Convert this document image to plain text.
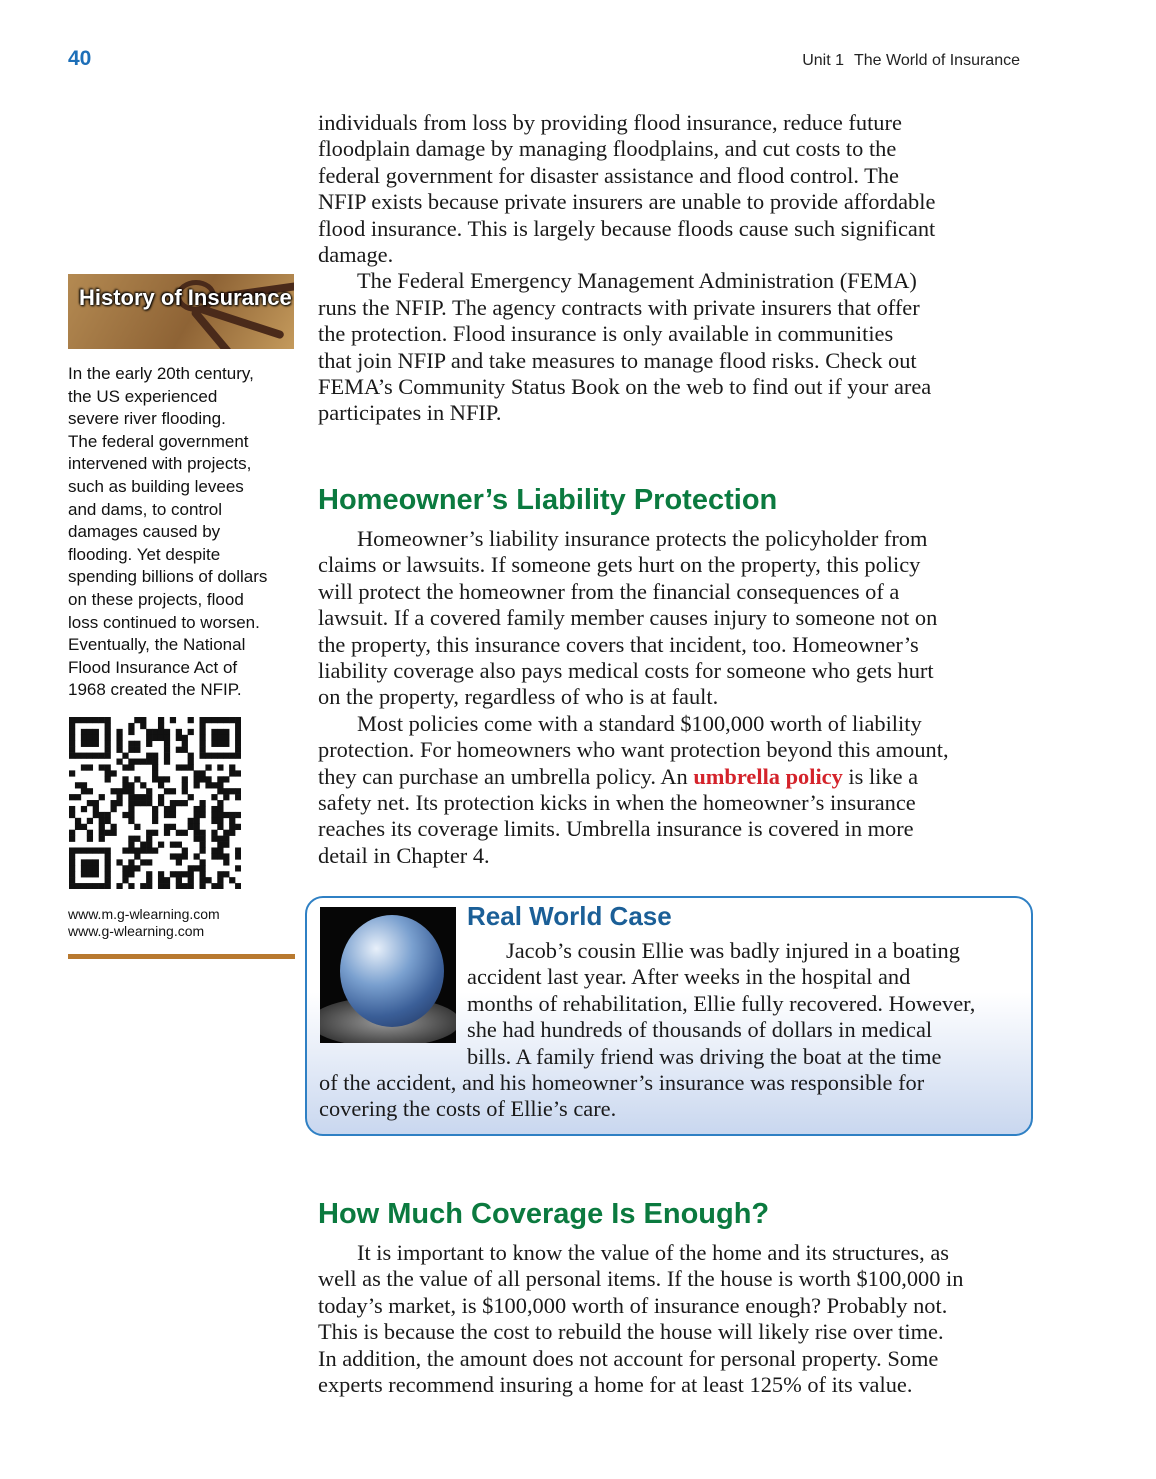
40	Unit 1 The World of Insurance
individuals from loss by providing flood insurance, reduce future
floodplain damage by managing floodplains, and cut costs to the
federal government for disaster assistance and flood control. The
NFIP exists because private insurers are unable to provide affordable
flood insurance. This is largely because floods cause such significant
damage.
The Federal Emergency Management Administration (FEMA)
runs the NFIP. The agency contracts with private insurers that offer
the protection. Flood insurance is only available in communities
that join NFIP and take measures to manage flood risks. Check out
FEMA’s Community Status Book on the web to find out if your area
participates in NFIP.
Homeowner’s Liability Protection
Homeowner’s liability insurance protects the policyholder from
claims or lawsuits. If someone gets hurt on the property, this policy
will protect the homeowner from the financial consequences of a
lawsuit. If a covered family member causes injury to someone not on
the property, this insurance covers that incident, too. Homeowner’s
liability coverage also pays medical costs for someone who gets hurt
on the property, regardless of who is at fault.
Most policies come with a standard $100,000 worth of liability
protection. For homeowners who want protection beyond this amount,
they can purchase an umbrella policy. An umbrella policy is like a
safety net. Its protection kicks in when the homeowner’s insurance
reaches its coverage limits. Umbrella insurance is covered in more
detail in Chapter 4.
History of Insurance
In the early 20th century,
the US experienced
severe river flooding.
The federal government
intervened with projects,
such as building levees
and dams, to control
damages caused by
flooding. Yet despite
spending billions of dollars
on these projects, flood
loss continued to worsen.
Eventually, the National
Flood Insurance Act of
1968 created the NFIP.
www.m.g-wlearning.com
www.g-wlearning.com	Real World Case
Jacob’s cousin Ellie was badly injured in a boating
accident last year. After weeks in the hospital and
months of rehabilitation, Ellie fully recovered. However,
she had hundreds of thousands of dollars in medical
bills. A family friend was driving the boat at the time
of the accident, and his homeowner’s insurance was responsible for
covering the costs of Ellie’s care.
How Much Coverage Is Enough?
It is important to know the value of the home and its structures, as
well as the value of all personal items. If the house is worth $100,000 in
today’s market, is $100,000 worth of insurance enough? Probably not.
This is because the cost to rebuild the house will likely rise over time.
In addition, the amount does not account for personal property. Some
experts recommend insuring a home for at least 125% of its value.
